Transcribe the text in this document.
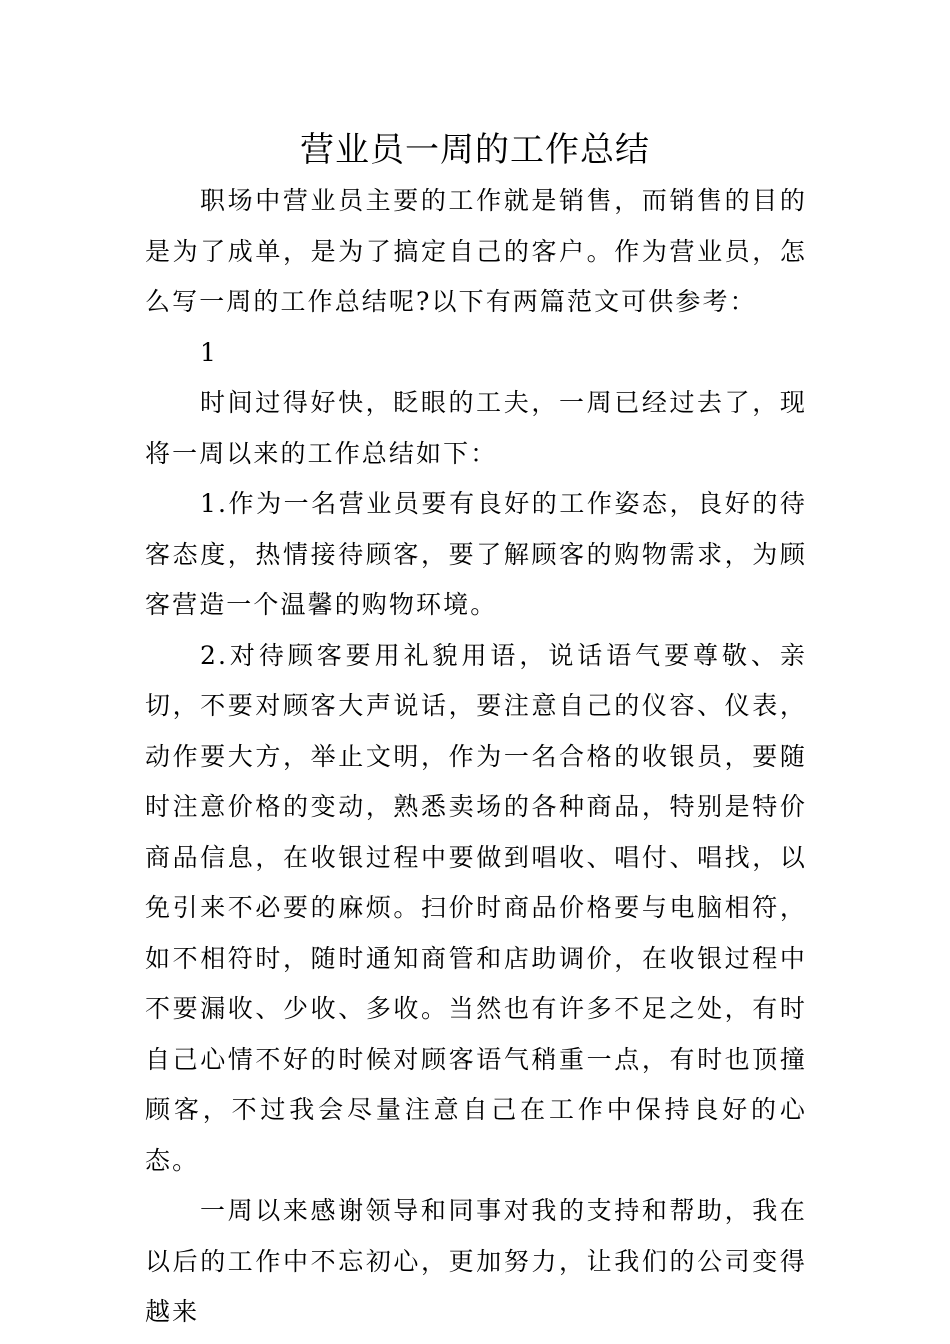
营业员一周的工作总结

职场中营业员主要的工作就是销售，而销售的目的是为了成单，是为了搞定自己的客户。作为营业员，怎么写一周的工作总结呢?以下有两篇范文可供参考：

1

时间过得好快，眨眼的工夫，一周已经过去了，现将一周以来的工作总结如下：

1.作为一名营业员要有良好的工作姿态，良好的待客态度，热情接待顾客，要了解顾客的购物需求，为顾客营造一个温馨的购物环境。

2.对待顾客要用礼貌用语，说话语气要尊敬、亲切，不要对顾客大声说话，要注意自己的仪容、仪表，动作要大方，举止文明，作为一名合格的收银员，要随时注意价格的变动，熟悉卖场的各种商品，特别是特价商品信息，在收银过程中要做到唱收、唱付、唱找，以免引来不必要的麻烦。扫价时商品价格要与电脑相符，如不相符时，随时通知商管和店助调价，在收银过程中不要漏收、少收、多收。当然也有许多不足之处，有时自己心情不好的时候对顾客语气稍重一点，有时也顶撞顾客，不过我会尽量注意自己在工作中保持良好的心态。

一周以来感谢领导和同事对我的支持和帮助，我在以后的工作中不忘初心，更加努力，让我们的公司变得越来
